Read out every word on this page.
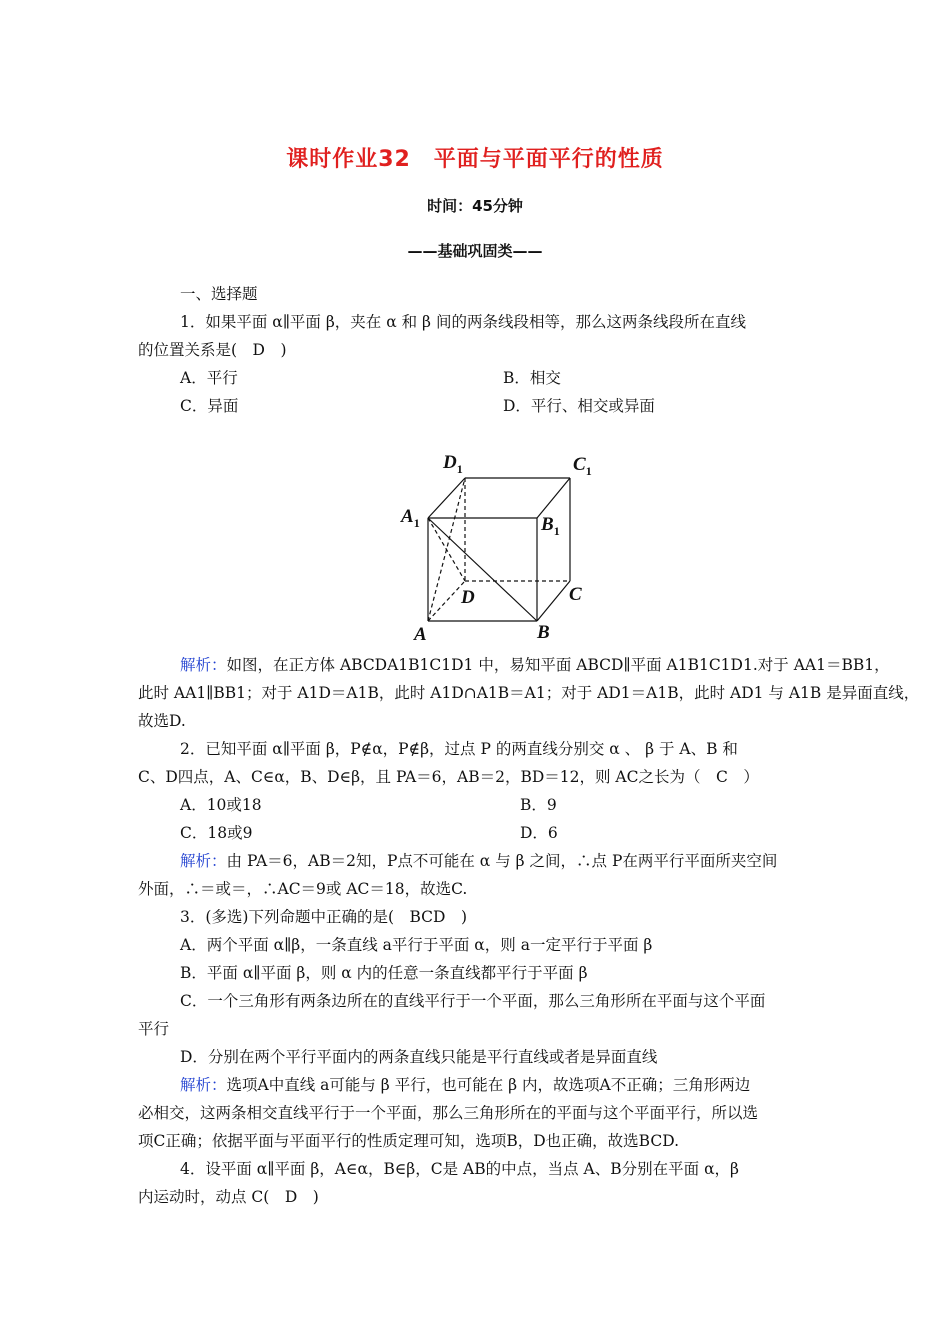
课时作业32　平面与平面平行的性质
时间：45分钟
——基础巩固类——
一、选择题
1．如果平面 α∥平面 β，夹在 α 和 β 间的两条线段相等，那么这两条线段所在直线
的位置关系是(　D　)
A．平行	B．相交
C．异面	D．平行、相交或异面
$D_1$	$C_1$
$A_1$	$B_1$
D	C
A	B
解析：如图，在正方体 ABCDA1B1C1D1 中，易知平面 ABCD∥平面 A1B1C1D1.对于 AA1＝BB1，
此时 AA1∥BB1；对于 A1D＝A1B，此时 A1D∩A1B＝A1；对于 AD1＝A1B，此时 AD1 与 A1B 是异面直线，
故选D.
2．已知平面 α∥平面 β，P∉α，P∉β，过点 P 的两直线分别交 α 、 β 于 A、B 和
C、D四点，A、C∈α，B、D∈β，且 PA＝6，AB＝2，BD＝12，则 AC之长为（　C　）
A．10或18	B．9
C．18或9	D．6
解析：由 PA＝6，AB＝2知，P点不可能在 α 与 β 之间，∴点 P在两平行平面所夹空间
外面，∴＝或＝，∴AC＝9或 AC＝18，故选C.
3．(多选)下列命题中正确的是(　BCD　)
A．两个平面 α∥β，一条直线 a平行于平面 α，则 a一定平行于平面 β
B．平面 α∥平面 β，则 α 内的任意一条直线都平行于平面 β
C．一个三角形有两条边所在的直线平行于一个平面，那么三角形所在平面与这个平面
平行
D．分别在两个平行平面内的两条直线只能是平行直线或者是异面直线
解析：选项A中直线 a可能与 β 平行，也可能在 β 内，故选项A不正确；三角形两边
必相交，这两条相交直线平行于一个平面，那么三角形所在的平面与这个平面平行，所以选
项C正确；依据平面与平面平行的性质定理可知，选项B，D也正确，故选BCD.
4．设平面 α∥平面 β，A∈α，B∈β，C是 AB的中点，当点 A、B分别在平面 α，β
内运动时，动点 C(　D　)
